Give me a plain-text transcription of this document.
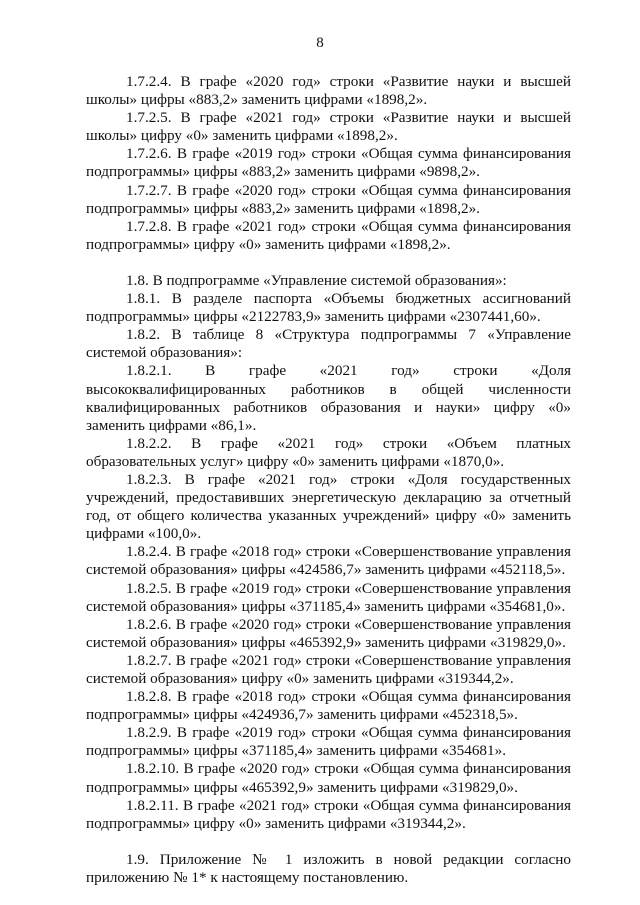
8

1.7.2.4. В графе «2020 год» строки «Развитие науки и высшей школы» цифры «883,2» заменить цифрами «1898,2».

1.7.2.5. В графе «2021 год» строки «Развитие науки и высшей школы» цифру «0» заменить цифрами «1898,2».

1.7.2.6. В графе «2019 год» строки «Общая сумма финансирования подпрограммы» цифры «883,2» заменить цифрами «9898,2».

1.7.2.7. В графе «2020 год» строки «Общая сумма финансирования подпрограммы» цифры «883,2» заменить цифрами «1898,2».

1.7.2.8. В графе «2021 год» строки «Общая сумма финансирования подпрограммы» цифру «0» заменить цифрами «1898,2».

1.8. В подпрограмме «Управление системой образования»:

1.8.1. В разделе паспорта «Объемы бюджетных ассигнований подпрограммы» цифры «2122783,9» заменить цифрами «2307441,60».

1.8.2. В таблице 8 «Структура подпрограммы 7 «Управление системой образования»:

1.8.2.1. В графе «2021 год» строки «Доля высококвалифицированных работников в общей численности квалифицированных работников образования и науки» цифру «0» заменить цифрами «86,1».

1.8.2.2. В графе «2021 год» строки «Объем платных образовательных услуг» цифру «0» заменить цифрами «1870,0».

1.8.2.3. В графе «2021 год» строки «Доля государственных учреждений, предоставивших энергетическую декларацию за отчетный год, от общего количества указанных учреждений» цифру «0» заменить цифрами «100,0».

1.8.2.4. В графе «2018 год» строки «Совершенствование управления системой образования» цифры «424586,7» заменить цифрами «452118,5».

1.8.2.5. В графе «2019 год» строки «Совершенствование управления системой образования» цифры «371185,4» заменить цифрами «354681,0».

1.8.2.6. В графе «2020 год» строки «Совершенствование управления системой образования» цифры «465392,9» заменить цифрами «319829,0».

1.8.2.7. В графе «2021 год» строки «Совершенствование управления системой образования» цифру «0» заменить цифрами «319344,2».

1.8.2.8. В графе «2018 год» строки «Общая сумма финансирования подпрограммы» цифры «424936,7» заменить цифрами «452318,5».

1.8.2.9. В графе «2019 год» строки «Общая сумма финансирования подпрограммы» цифры «371185,4» заменить цифрами «354681».

1.8.2.10. В графе «2020 год» строки «Общая сумма финансирования подпрограммы» цифры «465392,9» заменить цифрами «319829,0».

1.8.2.11. В графе «2021 год» строки «Общая сумма финансирования подпрограммы» цифру «0» заменить цифрами «319344,2».

1.9. Приложение № 1 изложить в новой редакции согласно приложению № 1* к настоящему постановлению.
